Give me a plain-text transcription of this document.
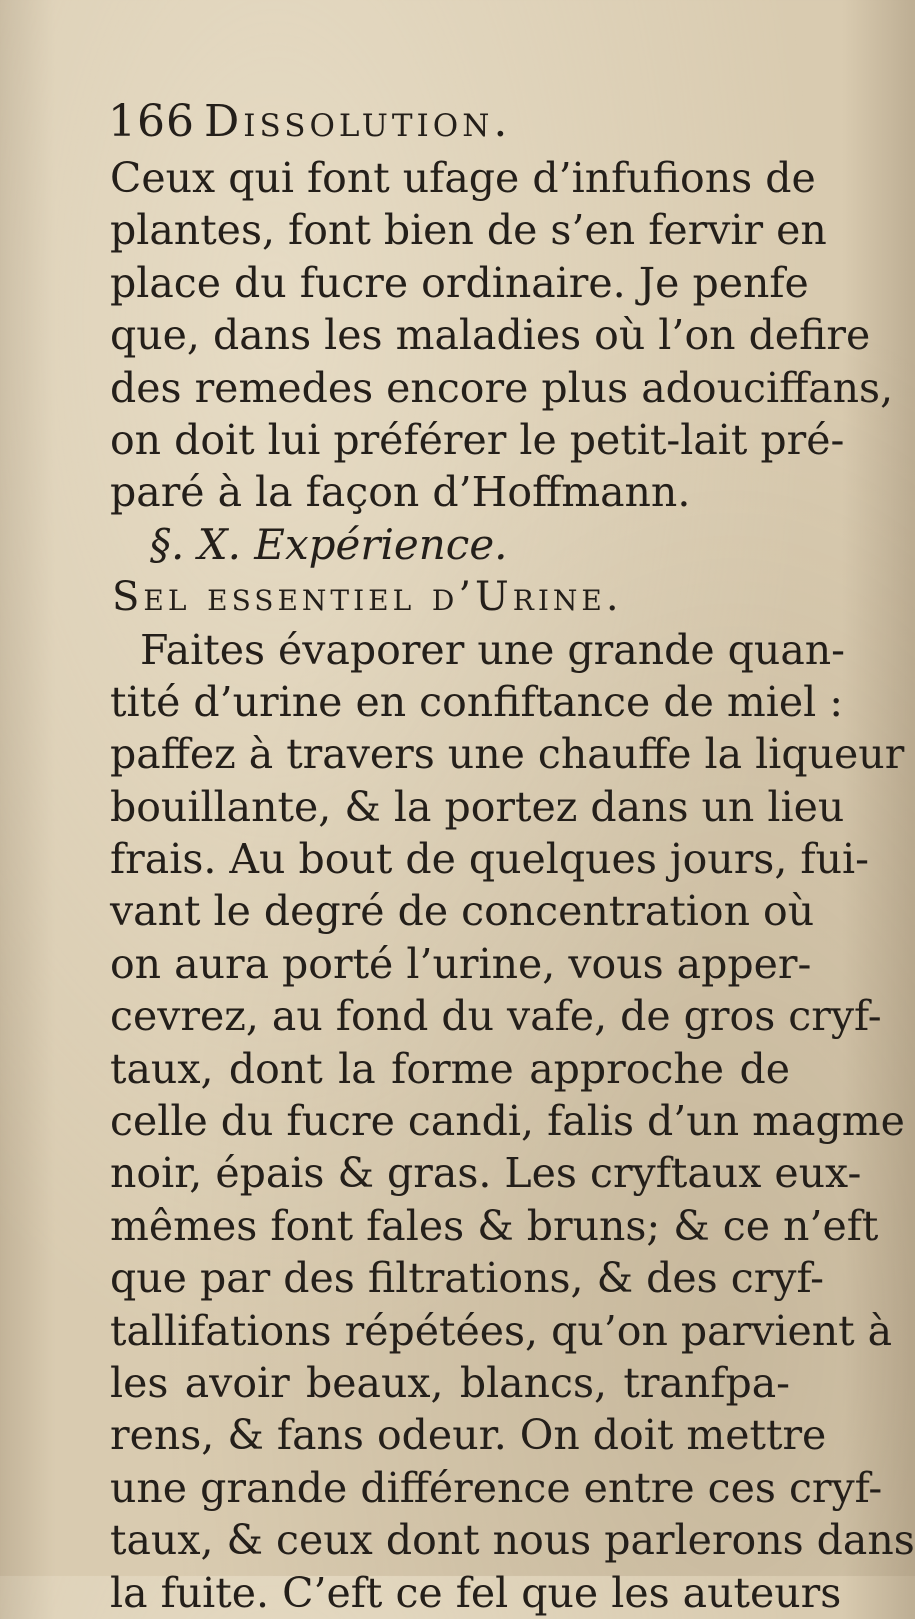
166 Dissolution.
Ceux qui font ufage d’infufions de
plantes, font bien de s’en fervir en
place du fucre ordinaire. Je penfe
que, dans les maladies où l’on defire
des remedes encore plus adouciffans,
on doit lui préférer le petit-lait pré-
paré à la façon d’Hoffmann.
§. X. Expérience.
Sel essentiel d’Urine.
Faites évaporer une grande quan-
tité d’urine en confiftance de miel :
paffez à travers une chauffe la liqueur
bouillante, & la portez dans un lieu
frais. Au bout de quelques jours, fui-
vant le degré de concentration où
on aura porté l’urine, vous apper-
cevrez, au fond du vafe, de gros cryf-
taux, dont la forme approche de
celle du fucre candi, falis d’un magme
noir, épais & gras. Les cryftaux eux-
mêmes font fales & bruns; & ce n’eft
que par des filtrations, & des cryf-
tallifations répétées, qu’on parvient à
les avoir beaux, blancs, tranfpa-
rens, & fans odeur. On doit mettre
une grande différence entre ces cryf-
taux, & ceux dont nous parlerons dans
la fuite. C’eft ce fel que les auteurs
